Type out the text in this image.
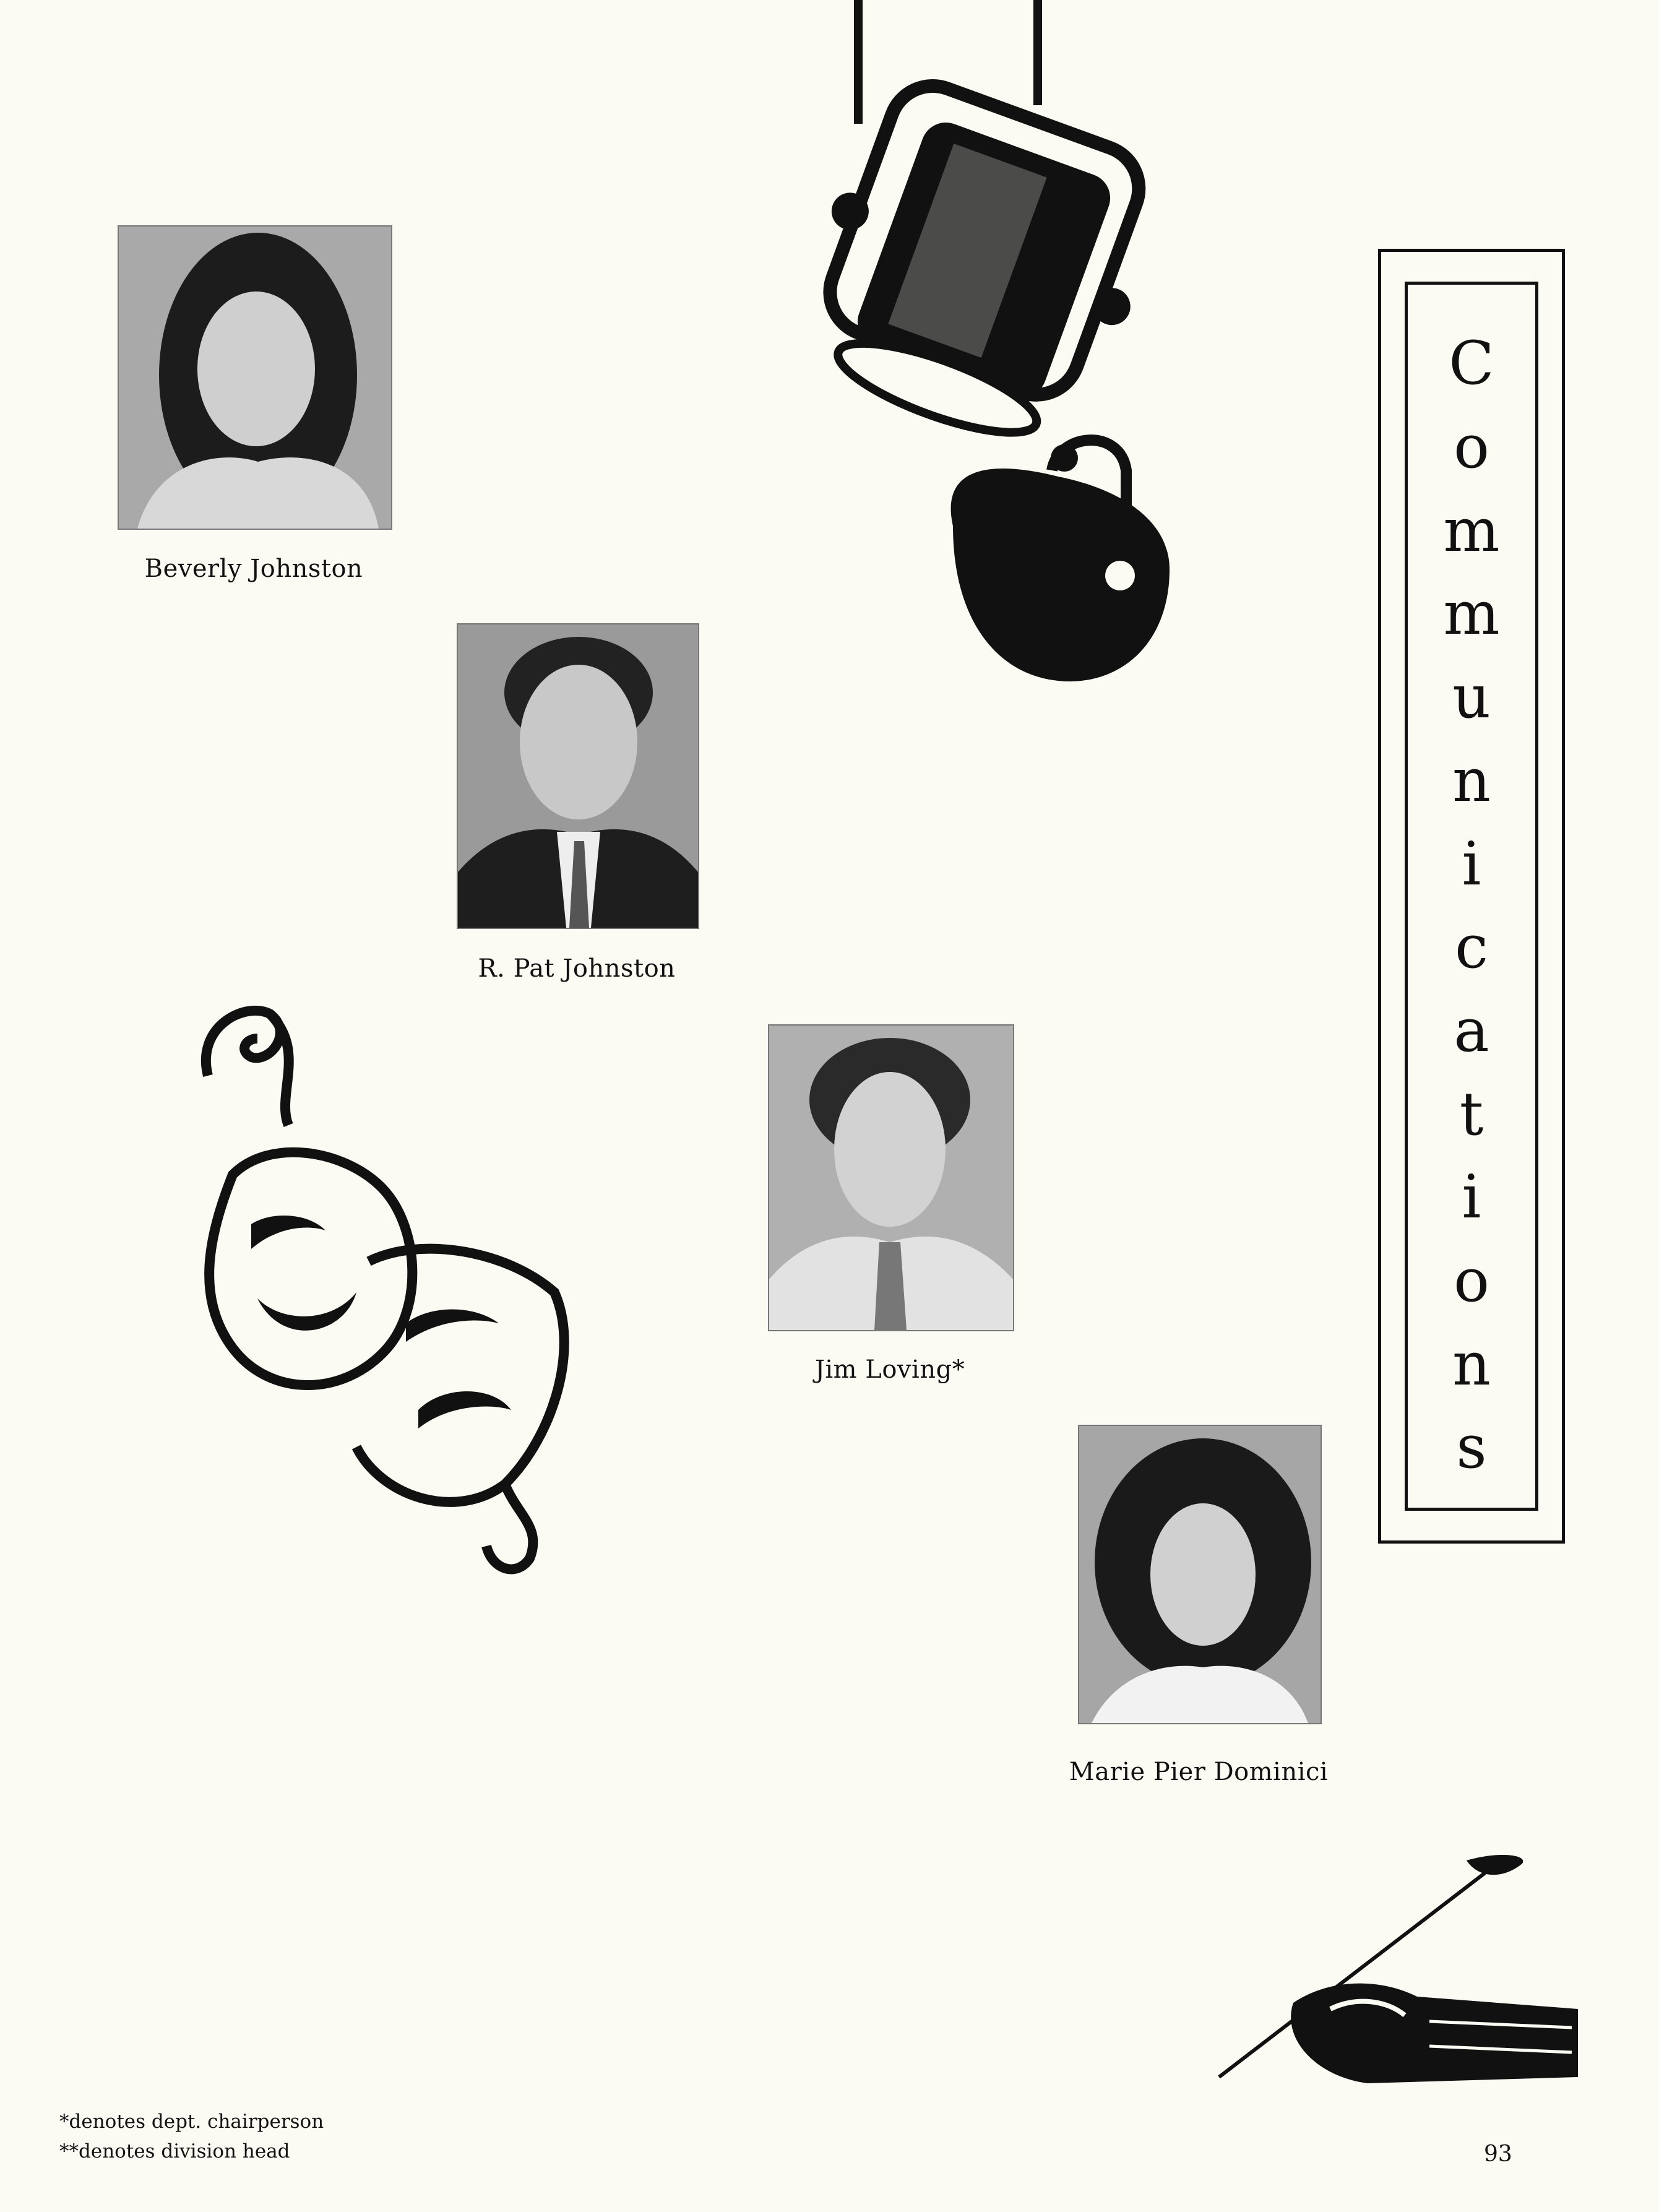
Beverly Johnston
R. Pat Johnston
Jim Loving*
Marie Pier Dominici
C
o
m
m
u
n
i
c
a
t
i
o
n
s
*denotes dept. chairperson
**denotes division head	93
